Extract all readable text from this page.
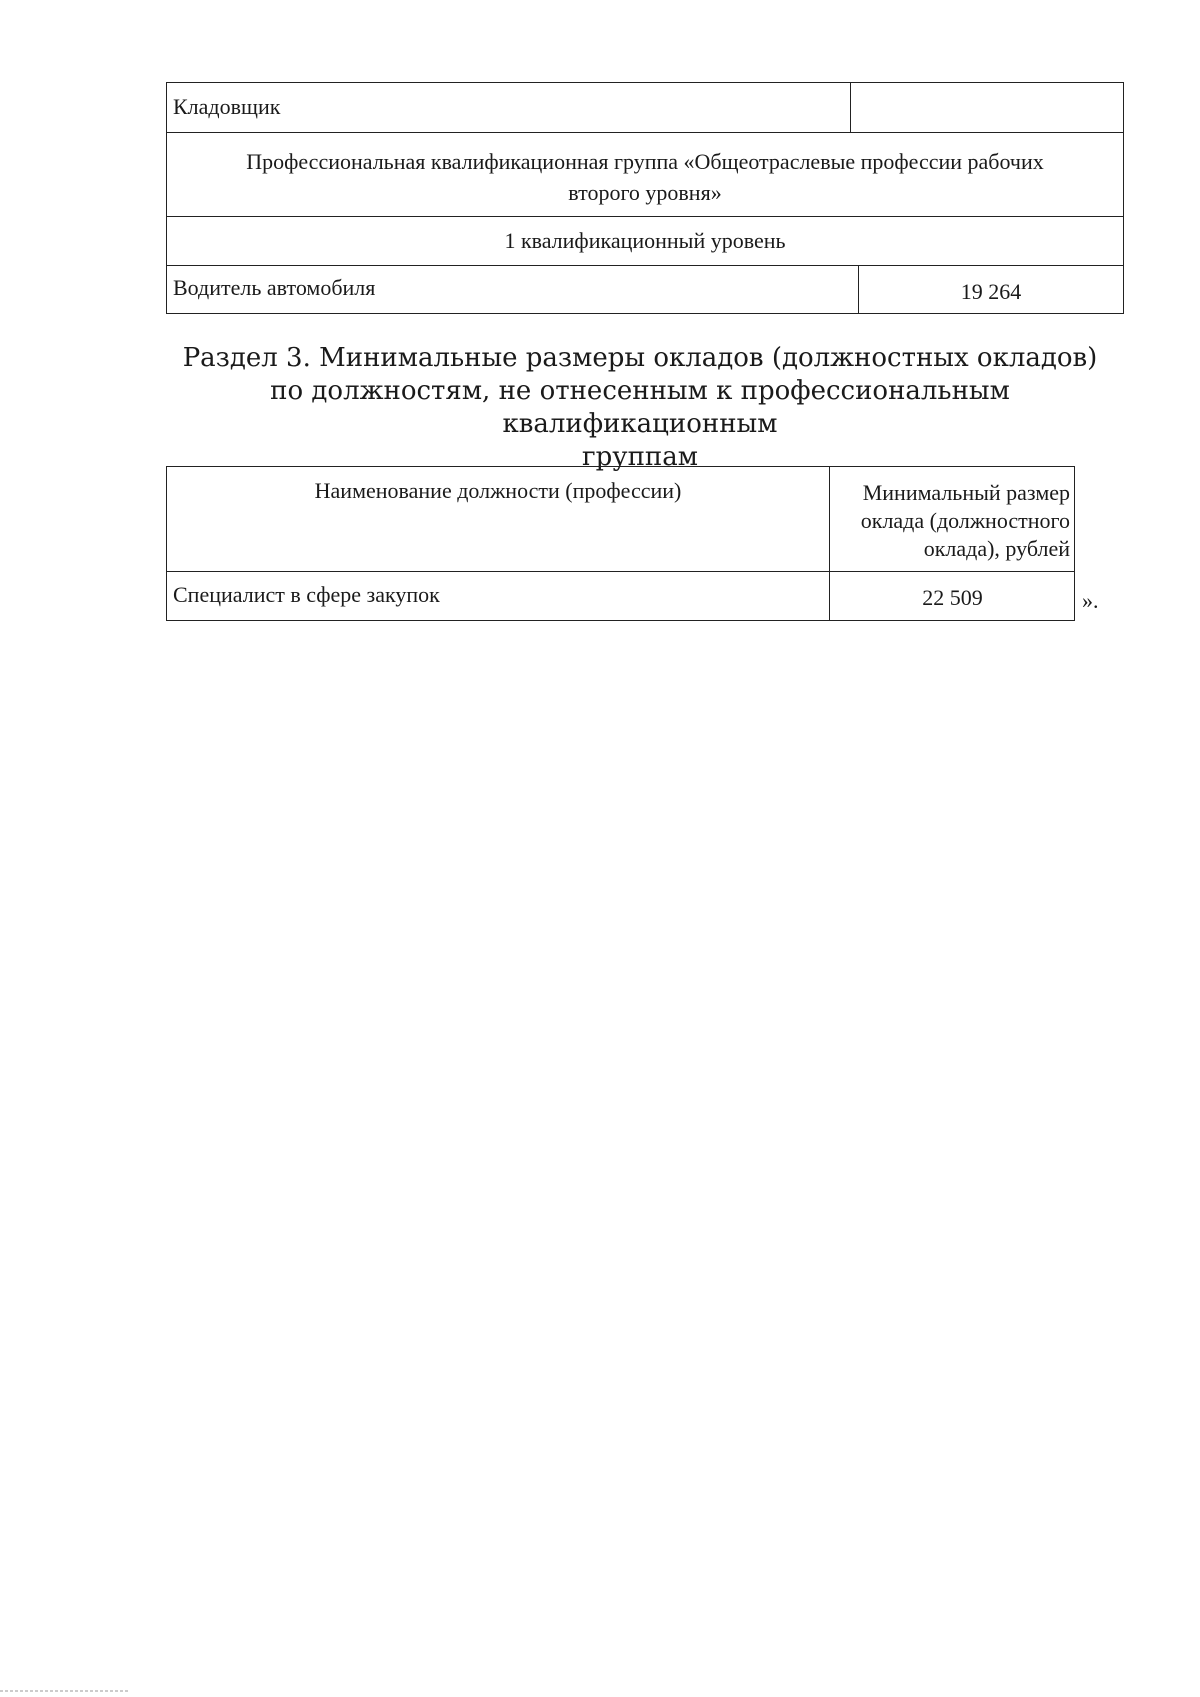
Кладовщик
Профессиональная квалификационная группа «Общеотраслевые профессии рабочих
второго уровня»
1 квалификационный уровень
Водитель автомобиля	19 264
Раздел 3. Минимальные размеры окладов (должностных окладов)
по должностям, не отнесенным к профессиональным квалификационным
группам
Наименование должности (профессии)	Минимальный размер
оклада (должностного
оклада), рублей
Специалист в сфере закупок	22 509	».
